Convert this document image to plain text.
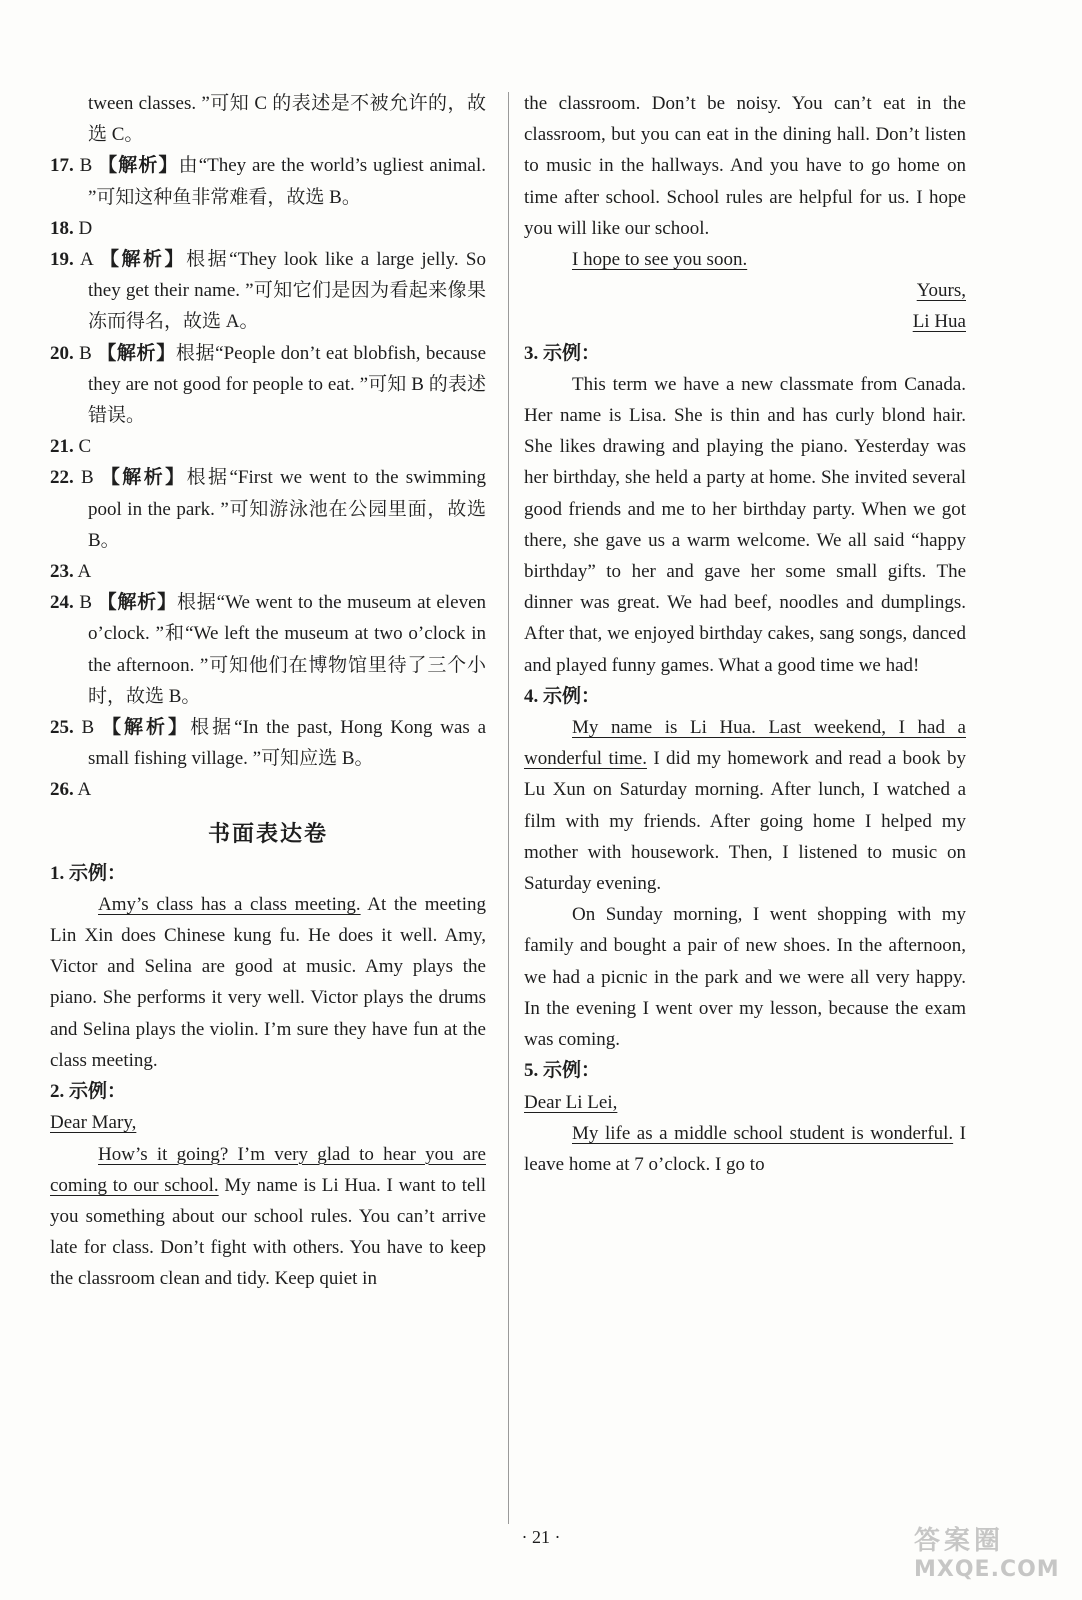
tween classes. ”可知 C 的表述是不被允许的，故选 C。

17. B 【解析】由“They are the world’s ugliest animal. ”可知这种鱼非常难看，故选 B。

18. D

19. A 【解析】根据“They look like a large jelly. So they get their name. ”可知它们是因为看起来像果冻而得名，故选 A。

20. B 【解析】根据“People don’t eat blobfish, because they are not good for people to eat. ”可知 B 的表述错误。

21. C

22. B 【解析】根据“First we went to the swimming pool in the park. ”可知游泳池在公园里面，故选 B。

23. A

24. B 【解析】根据“We went to the museum at eleven o’clock. ”和“We left the museum at two o’clock in the afternoon. ”可知他们在博物馆里待了三个小时，故选 B。

25. B 【解析】根据“In the past, Hong Kong was a small fishing village. ”可知应选 B。

26. A

书面表达卷

1. 示例：

Amy’s class has a class meeting. At the meeting Lin Xin does Chinese kung fu. He does it well. Amy, Victor and Selina are good at music. Amy plays the piano. She performs it very well. Victor plays the drums and Selina plays the violin. I’m sure they have fun at the class meeting.

2. 示例：

Dear Mary,

How’s it going? I’m very glad to hear you are coming to our school. My name is Li Hua. I want to tell you something about our school rules. You can’t arrive late for class. Don’t fight with others. You have to keep the classroom clean and tidy. Keep quiet in

the classroom. Don’t be noisy. You can’t eat in the classroom, but you can eat in the dining hall. Don’t listen to music in the hallways. And you have to go home on time after school. School rules are helpful for us. I hope you will like our school.

I hope to see you soon.

Yours,

Li Hua

3. 示例：

This term we have a new classmate from Canada. Her name is Lisa. She is thin and has curly blond hair. She likes drawing and playing the piano. Yesterday was her birthday, she held a party at home. She invited several good friends and me to her birthday party. When we got there, she gave us a warm welcome. We all said “happy birthday” to her and gave her some small gifts. The dinner was great. We had beef, noodles and dumplings. After that, we enjoyed birthday cakes, sang songs, danced and played funny games. What a good time we had!

4. 示例：

My name is Li Hua. Last weekend, I had a wonderful time. I did my homework and read a book by Lu Xun on Saturday morning. After lunch, I watched a film with my friends. After going home I helped my mother with housework. Then, I listened to music on Saturday evening.

On Sunday morning, I went shopping with my family and bought a pair of new shoes. In the afternoon, we had a picnic in the park and we were all very happy. In the evening I went over my lesson, because the exam was coming.

5. 示例：

Dear Li Lei,

My life as a middle school student is wonderful. I leave home at 7 o’clock. I go to

· 21 ·	答案圈
MXQE.COM
